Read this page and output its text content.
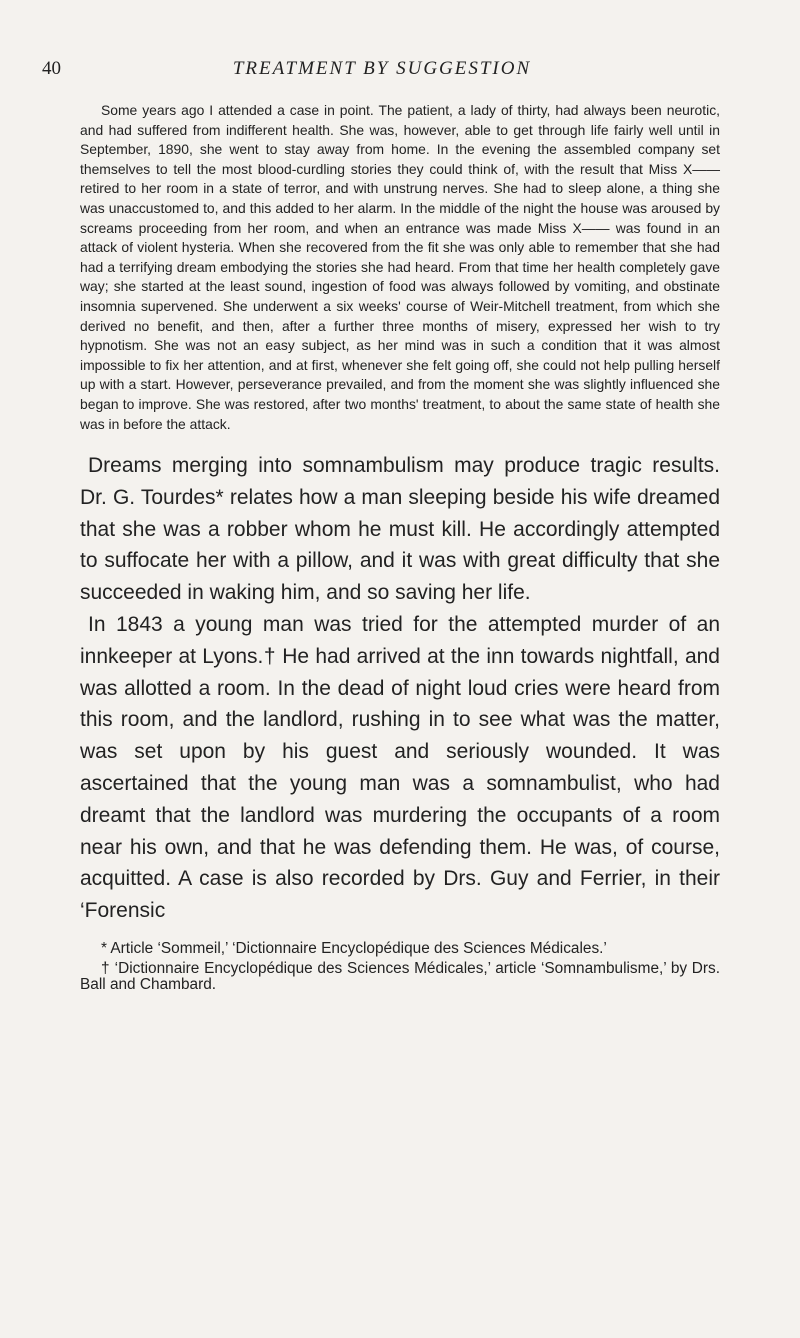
40	TREATMENT BY SUGGESTION

Some years ago I attended a case in point. The patient, a lady of thirty, had always been neurotic, and had suffered from indifferent health. She was, however, able to get through life fairly well until in September, 1890, she went to stay away from home. In the evening the assembled company set themselves to tell the most blood-curdling stories they could think of, with the result that Miss X—— retired to her room in a state of terror, and with unstrung nerves. She had to sleep alone, a thing she was unaccustomed to, and this added to her alarm. In the middle of the night the house was aroused by screams proceeding from her room, and when an entrance was made Miss X—— was found in an attack of violent hysteria. When she recovered from the fit she was only able to remember that she had had a terrifying dream embodying the stories she had heard. From that time her health completely gave way; she started at the least sound, ingestion of food was always followed by vomiting, and obstinate insomnia supervened. She underwent a six weeks' course of Weir-Mitchell treatment, from which she derived no benefit, and then, after a further three months of misery, expressed her wish to try hypnotism. She was not an easy subject, as her mind was in such a condition that it was almost impossible to fix her attention, and at first, whenever she felt going off, she could not help pulling herself up with a start. However, perseverance prevailed, and from the moment she was slightly influenced she began to improve. She was restored, after two months' treatment, to about the same state of health she was in before the attack.

Dreams merging into somnambulism may produce tragic results. Dr. G. Tourdes* relates how a man sleeping beside his wife dreamed that she was a robber whom he must kill. He accordingly attempted to suffocate her with a pillow, and it was with great difficulty that she succeeded in waking him, and so saving her life.

In 1843 a young man was tried for the attempted murder of an innkeeper at Lyons.† He had arrived at the inn towards nightfall, and was allotted a room. In the dead of night loud cries were heard from this room, and the landlord, rushing in to see what was the matter, was set upon by his guest and seriously wounded. It was ascertained that the young man was a somnambulist, who had dreamt that the landlord was murdering the occupants of a room near his own, and that he was defending them. He was, of course, acquitted. A case is also recorded by Drs. Guy and Ferrier, in their ‘Forensic

* Article ‘Sommeil,’ ‘Dictionnaire Encyclopédique des Sciences Médicales.’

† ‘Dictionnaire Encyclopédique des Sciences Médicales,’ article ‘Somnambulisme,’ by Drs. Ball and Chambard.
